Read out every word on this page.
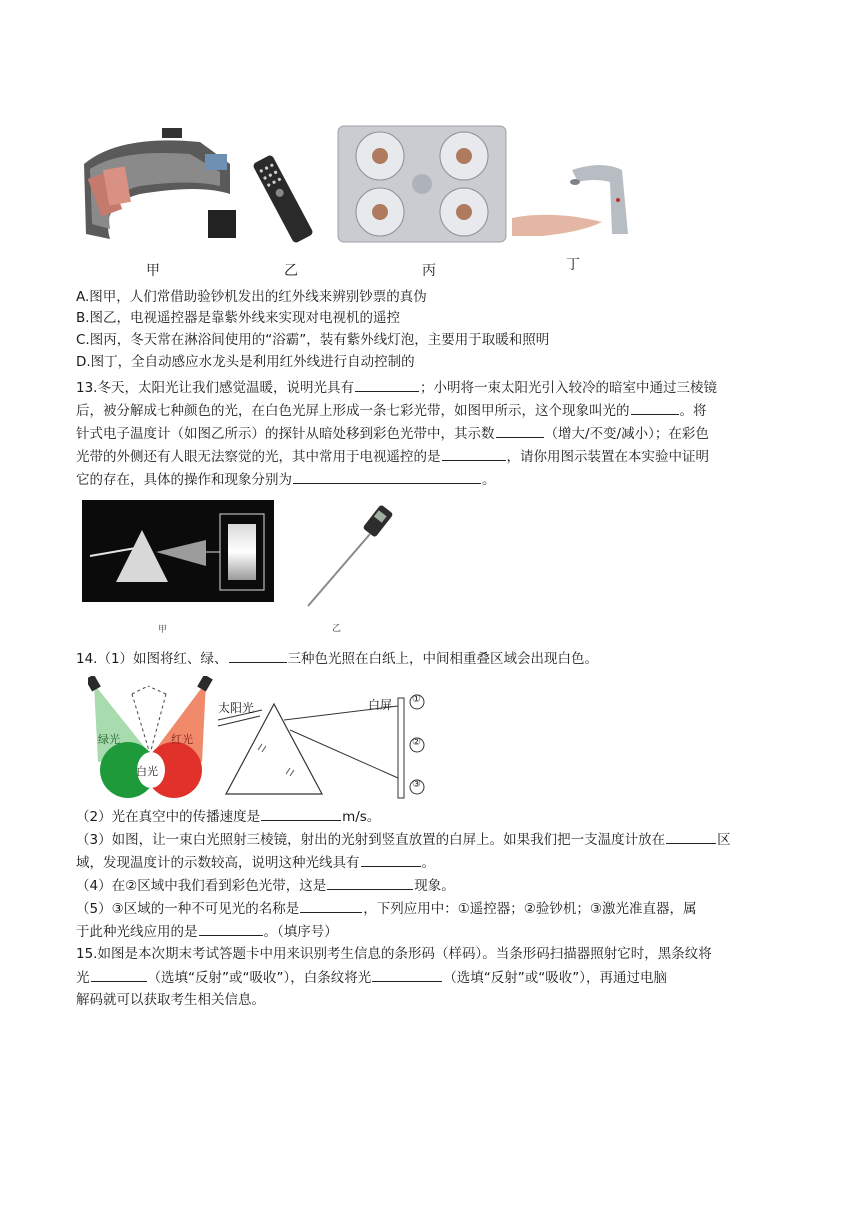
甲	乙	丙	丁
A.图甲，人们常借助验钞机发出的红外线来辨别钞票的真伪
B.图乙，电视遥控器是靠紫外线来实现对电视机的遥控
C.图丙，冬天常在淋浴间使用的“浴霸”，装有紫外线灯泡，主要用于取暖和照明
D.图丁，全自动感应水龙头是利用红外线进行自动控制的
13.冬天，太阳光让我们感觉温暖，说明光具有	；小明将一束太阳光引入较冷的暗室中通过三棱镜
后，被分解成七种颜色的光，在白色光屏上形成一条七彩光带，如图甲所示，这个现象叫光的	。将
针式电子温度计（如图乙所示）的探针从暗处移到彩色光带中，其示数	（增大/不变/减小）；在彩色
光带的外侧还有人眼无法察觉的光，其中常用于电视遥控的是	，请你用图示装置在本实验中证明
它的存在，具体的操作和现象分别为	。
甲	乙
14.（1）如图将红、绿、	三种色光照在白纸上，中间相重叠区域会出现白色。
绿光	红光
白光
太阳光	白屏 ①
②
③
（2）光在真空中的传播速度是	m/s。
（3）如图，让一束白光照射三棱镜，射出的光射到竖直放置的白屏上。如果我们把一支温度计放在	区
域，发现温度计的示数较高，说明这种光线具有	。
（4）在②区域中我们看到彩色光带，这是	现象。
（5）③区域的一种不可见光的名称是	，下列应用中：①遥控器；②验钞机；③激光准直器，属
于此种光线应用的是	。（填序号）
15.如图是本次期末考试答题卡中用来识别考生信息的条形码（样码）。当条形码扫描器照射它时，黑条纹将
光	（选填“反射”或“吸收”），白条纹将光	（选填“反射”或“吸收”），再通过电脑
解码就可以获取考生相关信息。
